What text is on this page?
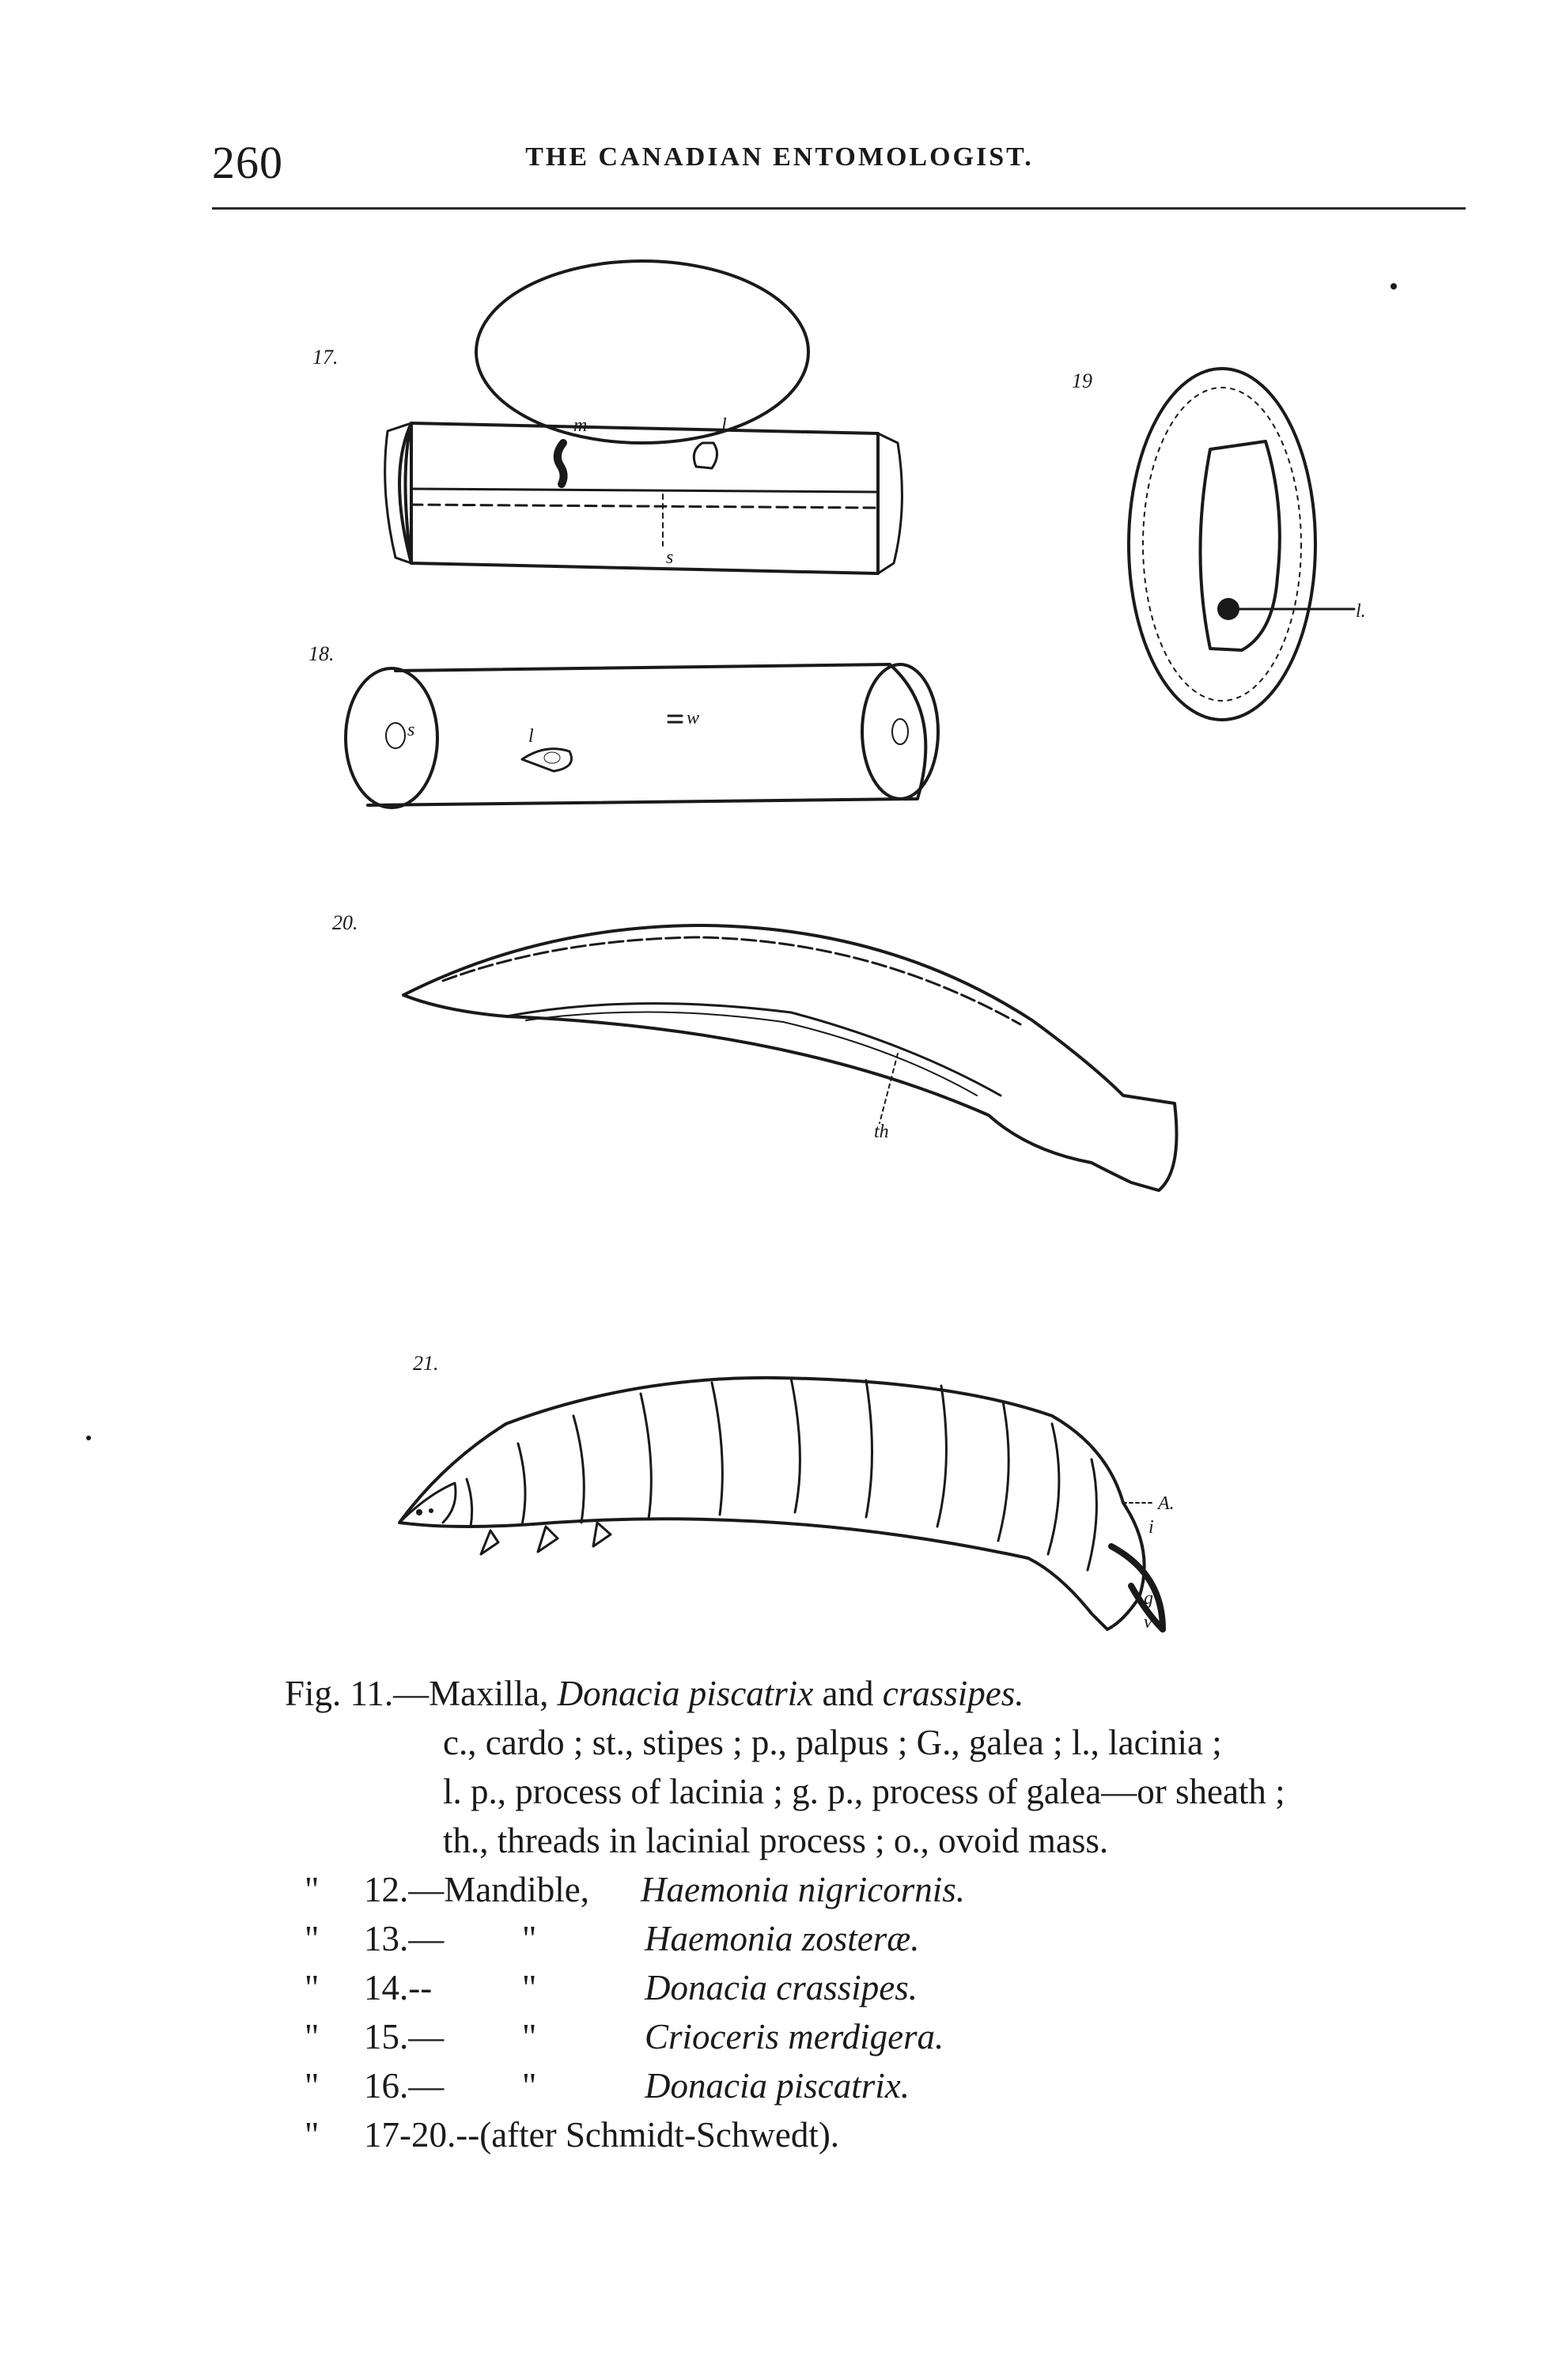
260	THE CANADIAN ENTOMOLOGIST.
17.
m	l
s
18.
s	l
w
19
l.
20.
th
21.
A.
i
g
v
Fig. 11.—Maxilla, Donacia piscatrix and crassipes.
c., cardo ; st., stipes ; p., palpus ; G., galea ; l., lacinia ;
l. p., process of lacinia ; g. p., process of galea—or sheath ;
th., threads in lacinial process ; o., ovoid mass.
" 12.—Mandible, Haemonia nigricornis.
" 13.— "	Haemonia zosteræ.
" 14.--	"	Donacia crassipes.
" 15.— "	Crioceris merdigera.
" 16.— "	Donacia piscatrix.
" 17-20.--(after Schmidt-Schwedt).
